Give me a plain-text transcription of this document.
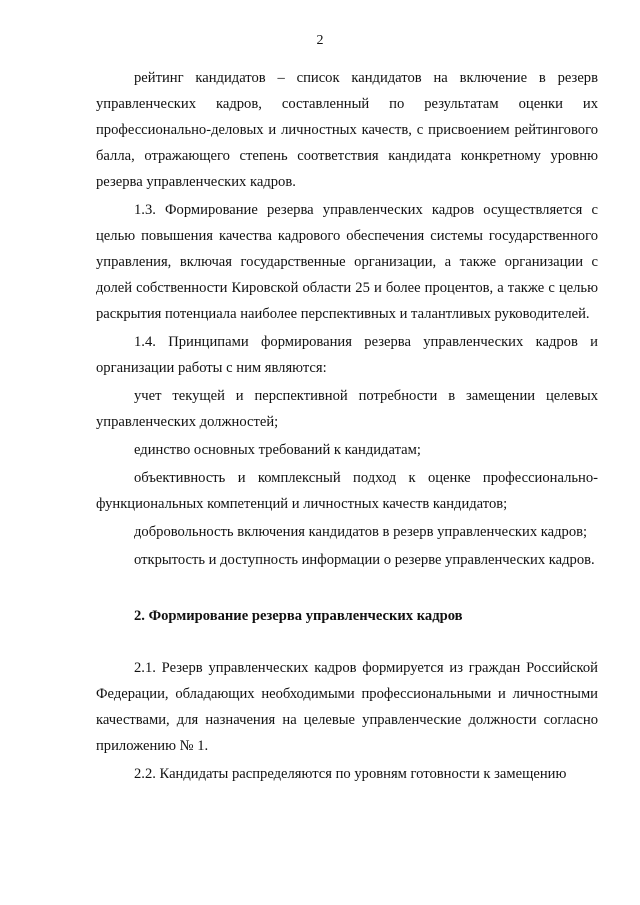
2

рейтинг кандидатов – список кандидатов на включение в резерв управленческих кадров, составленный по результатам оценки их профессионально-деловых и личностных качеств, с присвоением рейтингового балла, отражающего степень соответствия кандидата конкретному уровню резерва управленческих кадров.

1.3. Формирование резерва управленческих кадров осуществляется с целью повышения качества кадрового обеспечения системы государственного управления, включая государственные организации, а также организации с долей собственности Кировской области 25 и более процентов, а также с целью раскрытия потенциала наиболее перспективных и талантливых руководителей.

1.4. Принципами формирования резерва управленческих кадров и организации работы с ним являются:

учет текущей и перспективной потребности в замещении целевых управленческих должностей;

единство основных требований к кандидатам;

объективность и комплексный подход к оценке профессионально-функциональных компетенций и личностных качеств кандидатов;

добровольность включения кандидатов в резерв управленческих кадров;

открытость и доступность информации о резерве управленческих кадров.

2. Формирование резерва управленческих кадров

2.1. Резерв управленческих кадров формируется из граждан Российской Федерации, обладающих необходимыми профессиональными и личностными качествами, для назначения на целевые управленческие должности согласно приложению № 1.

2.2. Кандидаты распределяются по уровням готовности к замещению
